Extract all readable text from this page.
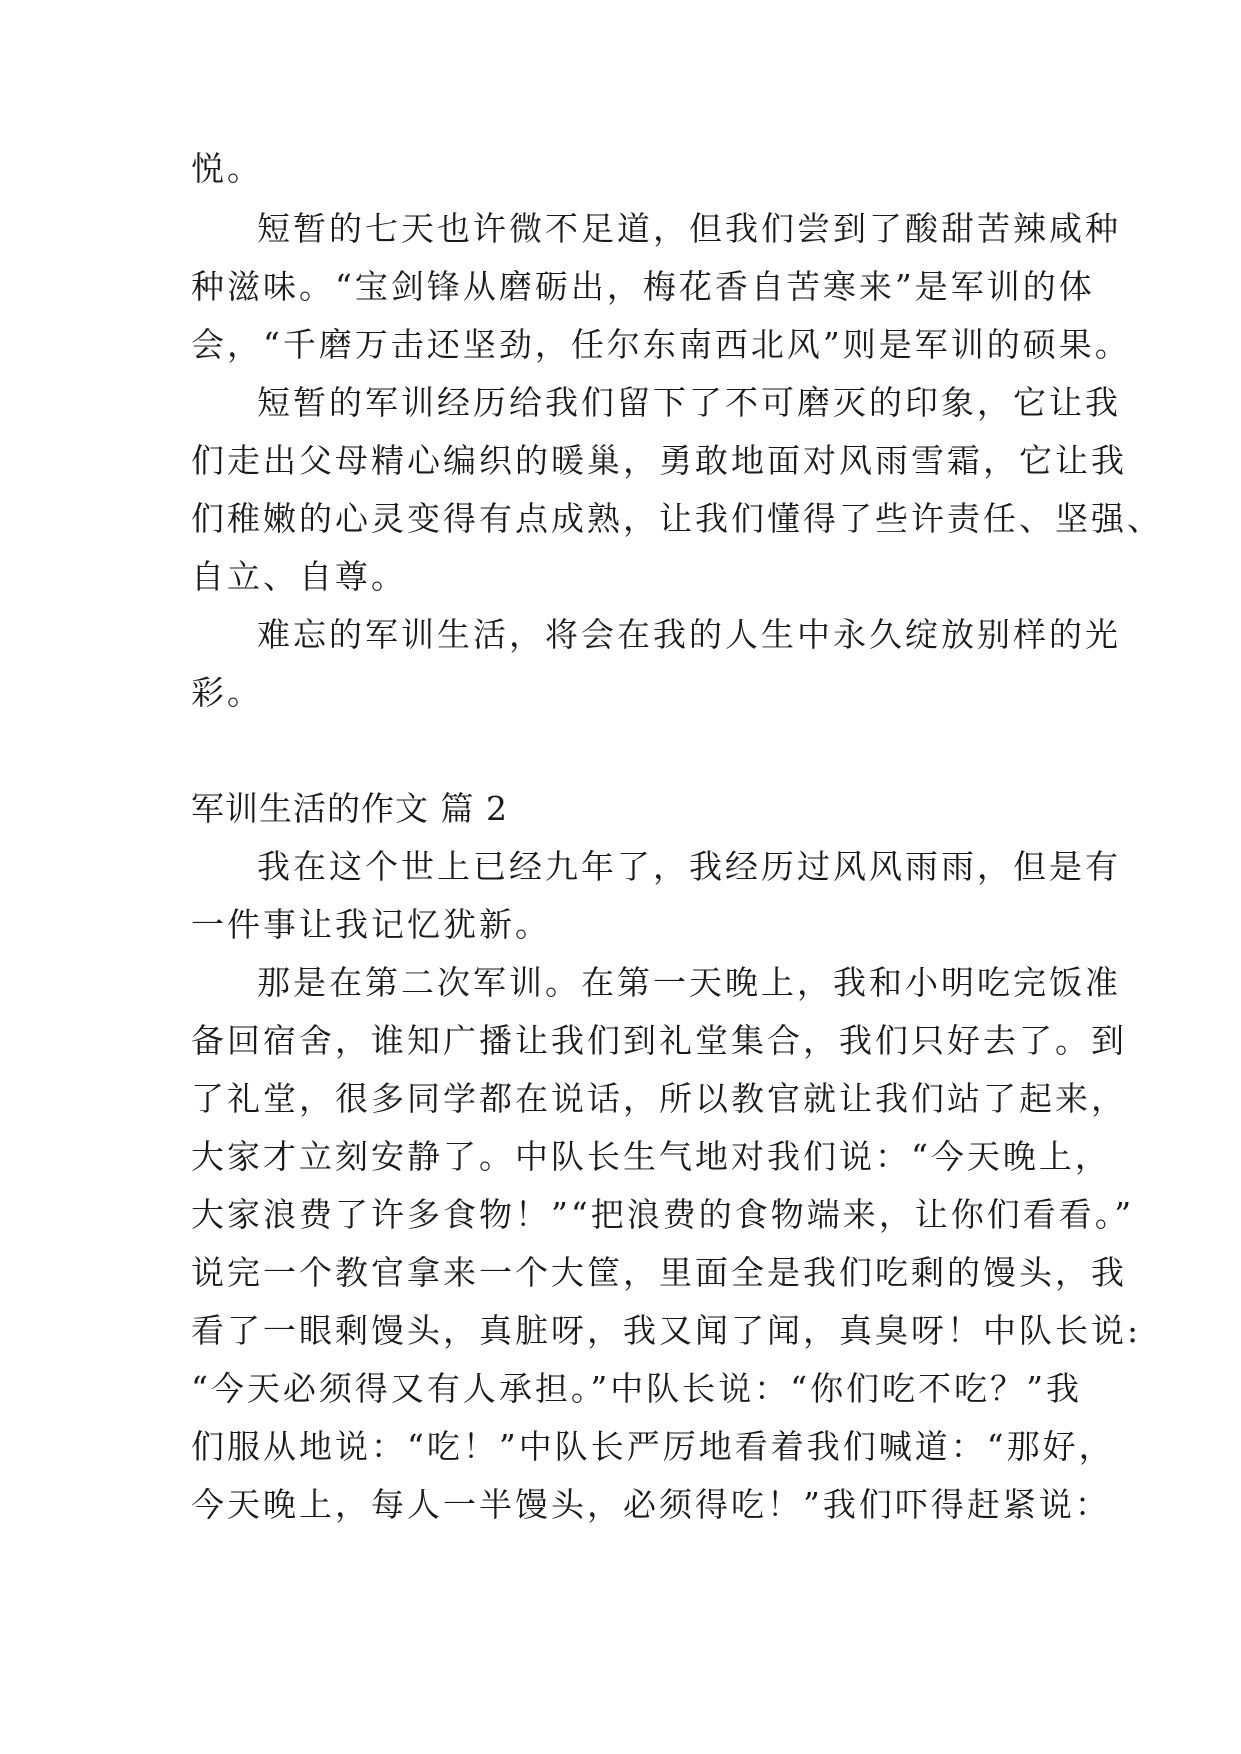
悦。
短暂的七天也许微不足道，但我们尝到了酸甜苦辣咸种
种滋味。“宝剑锋从磨砺出，梅花香自苦寒来”是军训的体
会，“千磨万击还坚劲，任尔东南西北风”则是军训的硕果。
短暂的军训经历给我们留下了不可磨灭的印象，它让我
们走出父母精心编织的暖巢，勇敢地面对风雨雪霜，它让我
们稚嫩的心灵变得有点成熟，让我们懂得了些许责任、坚强、
自立、自尊。
难忘的军训生活，将会在我的人生中永久绽放别样的光
彩。
军训生活的作文 篇 2
我在这个世上已经九年了，我经历过风风雨雨，但是有
一件事让我记忆犹新。
那是在第二次军训。在第一天晚上，我和小明吃完饭准
备回宿舍，谁知广播让我们到礼堂集合，我们只好去了。到
了礼堂，很多同学都在说话，所以教官就让我们站了起来，
大家才立刻安静了。中队长生气地对我们说：“今天晚上，
大家浪费了许多食物！”“把浪费的食物端来，让你们看看。”
说完一个教官拿来一个大筐，里面全是我们吃剩的馒头，我
看了一眼剩馒头，真脏呀，我又闻了闻，真臭呀！中队长说:
“今天必须得又有人承担。”中队长说：“你们吃不吃？”我
们服从地说：“吃！”中队长严厉地看着我们喊道：“那好，
今天晚上，每人一半馒头，必须得吃！”我们吓得赶紧说：
